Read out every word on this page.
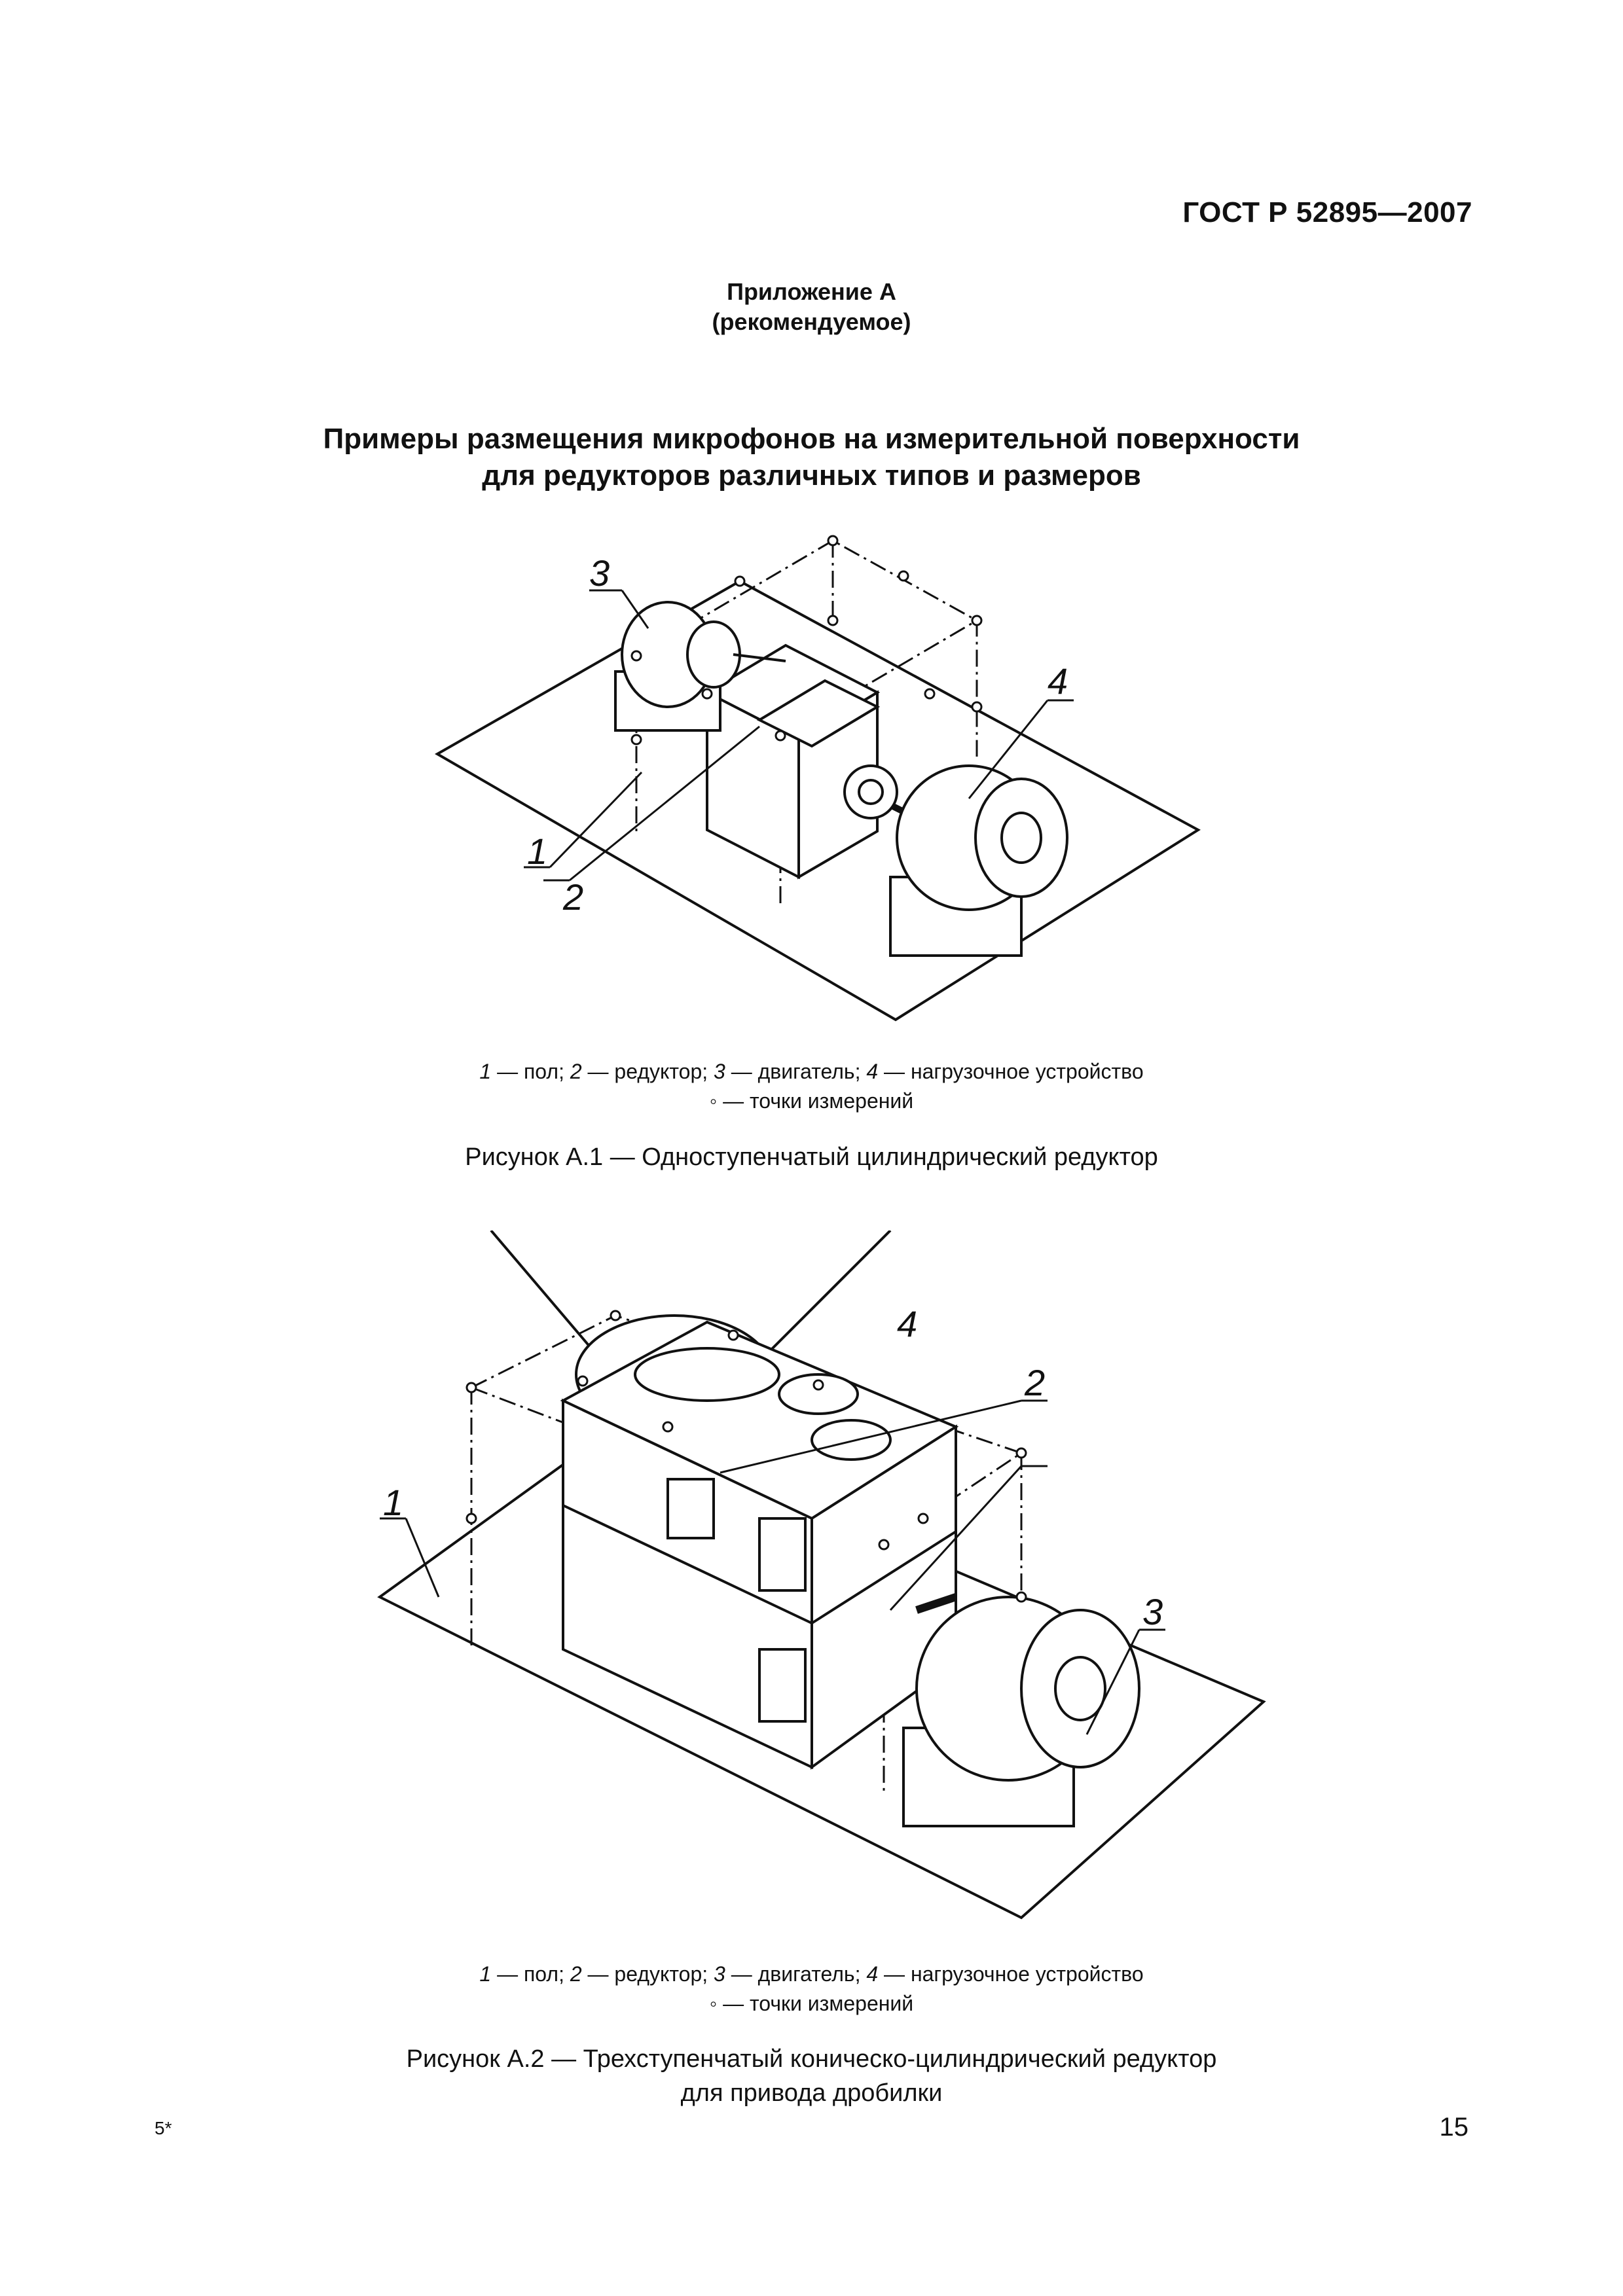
ГОСТ Р 52895—2007
Приложение А
(рекомендуемое)
Примеры размещения микрофонов на измерительной поверхности
для редукторов различных типов и размеров
1
2
3
4
1 — пол; 2 — редуктор; 3 — двигатель; 4 — нагрузочное устройство
◦ — точки измерений
Рисунок А.1 — Одноступенчатый цилиндрический редуктор
1
2
3
4
1 — пол; 2 — редуктор; 3 — двигатель; 4 — нагрузочное устройство
◦ — точки измерений
Рисунок А.2 — Трехступенчатый коническо-цилиндрический редуктор
для привода дробилки
5*	15
